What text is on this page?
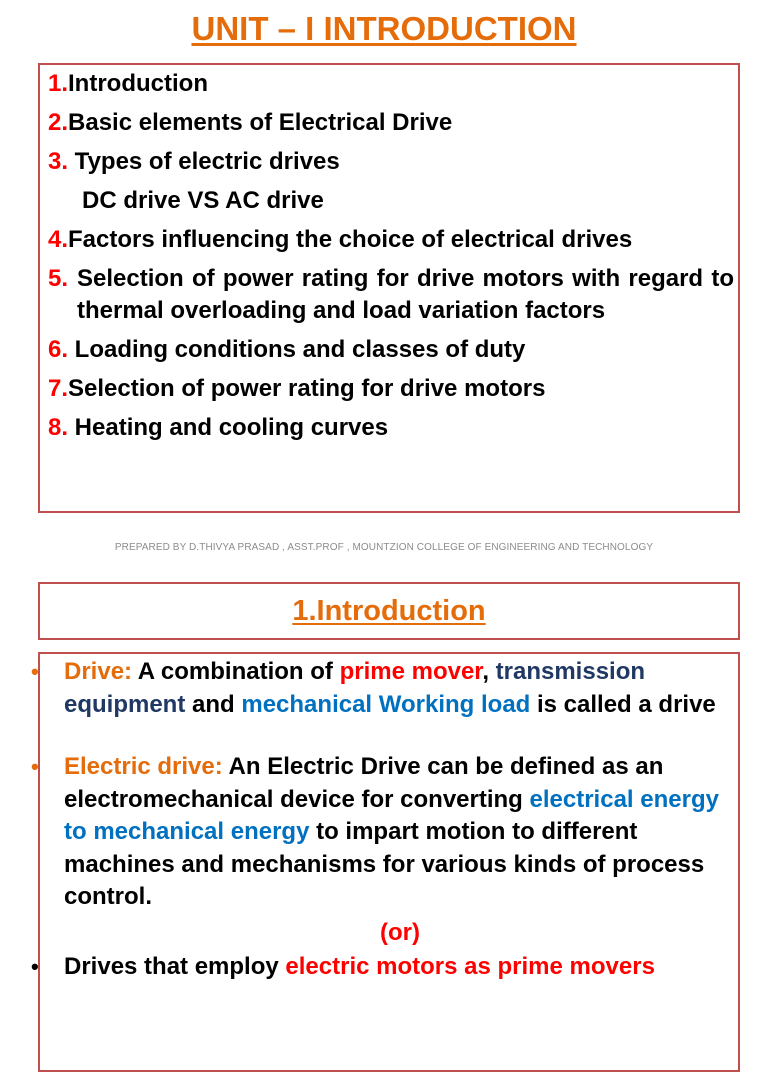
UNIT – I INTRODUCTION
1.Introduction
2.Basic elements of Electrical Drive
3. Types of electric drives
DC drive VS AC drive
4.Factors influencing the choice of electrical drives
5. Selection of power rating for drive motors with regard to thermal overloading and load variation factors
6. Loading conditions and classes of duty
7.Selection of power rating for drive motors
8. Heating and cooling curves
PREPARED BY D.THIVYA PRASAD , ASST.PROF , MOUNTZION COLLEGE OF ENGINEERING AND TECHNOLOGY
1.Introduction
• Drive: A combination of prime mover, transmission equipment and mechanical Working load is called a drive
• Electric drive: An Electric Drive can be defined as an electromechanical device for converting electrical energy to mechanical energy to impart motion to different machines and mechanisms for various kinds of process control.
(or)
• Drives that employ electric motors as prime movers
